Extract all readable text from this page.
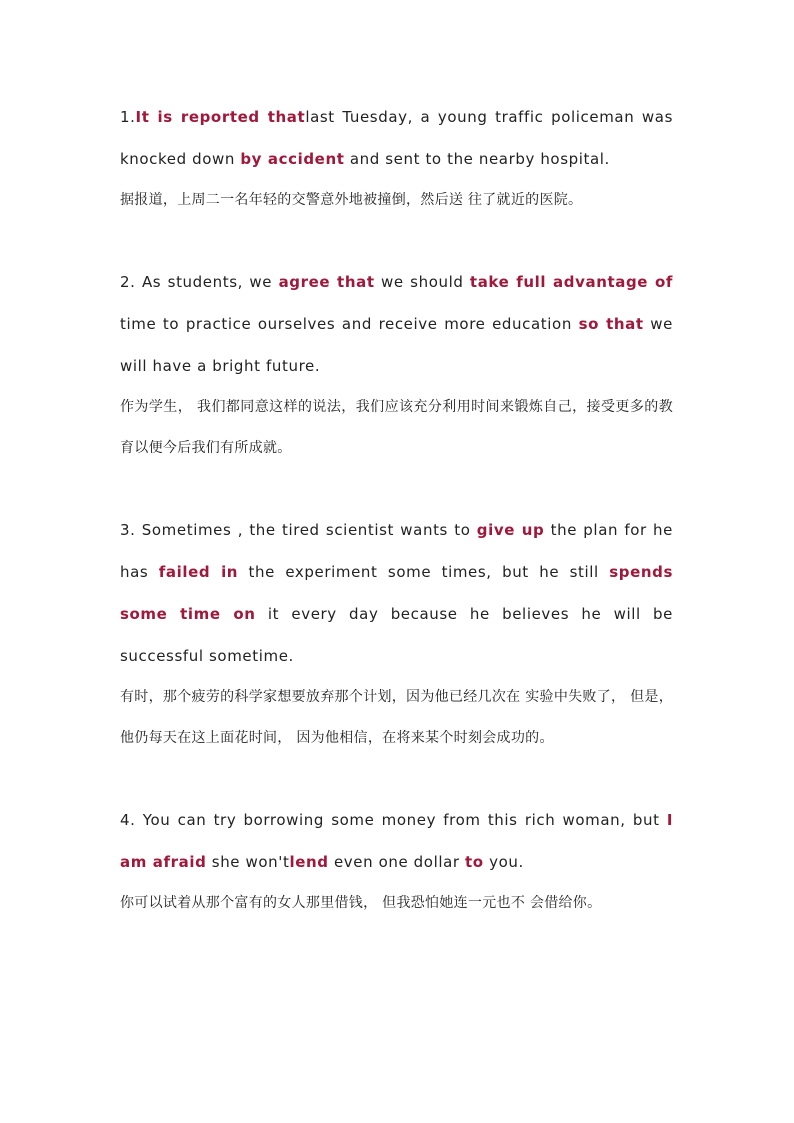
1.It is reported thatlast Tuesday, a young traffic policeman was knocked down by accident and sent to the nearby hospital.

据报道，上周二一名年轻的交警意外地被撞倒，然后送 往了就近的医院。

2. As students, we agree that we should take full advantage of time to practice ourselves and receive more education so that we will have a bright future.

作为学生， 我们都同意这样的说法，我们应该充分利用时间来锻炼自己，接受更多的教育以便今后我们有所成就。

3. Sometimes , the tired scientist wants to give up the plan for he has failed in the experiment some times, but he still spends some time on it every day because he believes he will be successful sometime.

有时，那个疲劳的科学家想要放弃那个计划，因为他已经几次在 实验中失败了， 但是，他仍每天在这上面花时间， 因为他相信，在将来某个时刻会成功的。

4. You can try borrowing some money from this rich woman, but I am afraid she won'tlend even one dollar to you.

你可以试着从那个富有的女人那里借钱， 但我恐怕她连一元也不 会借给你。
